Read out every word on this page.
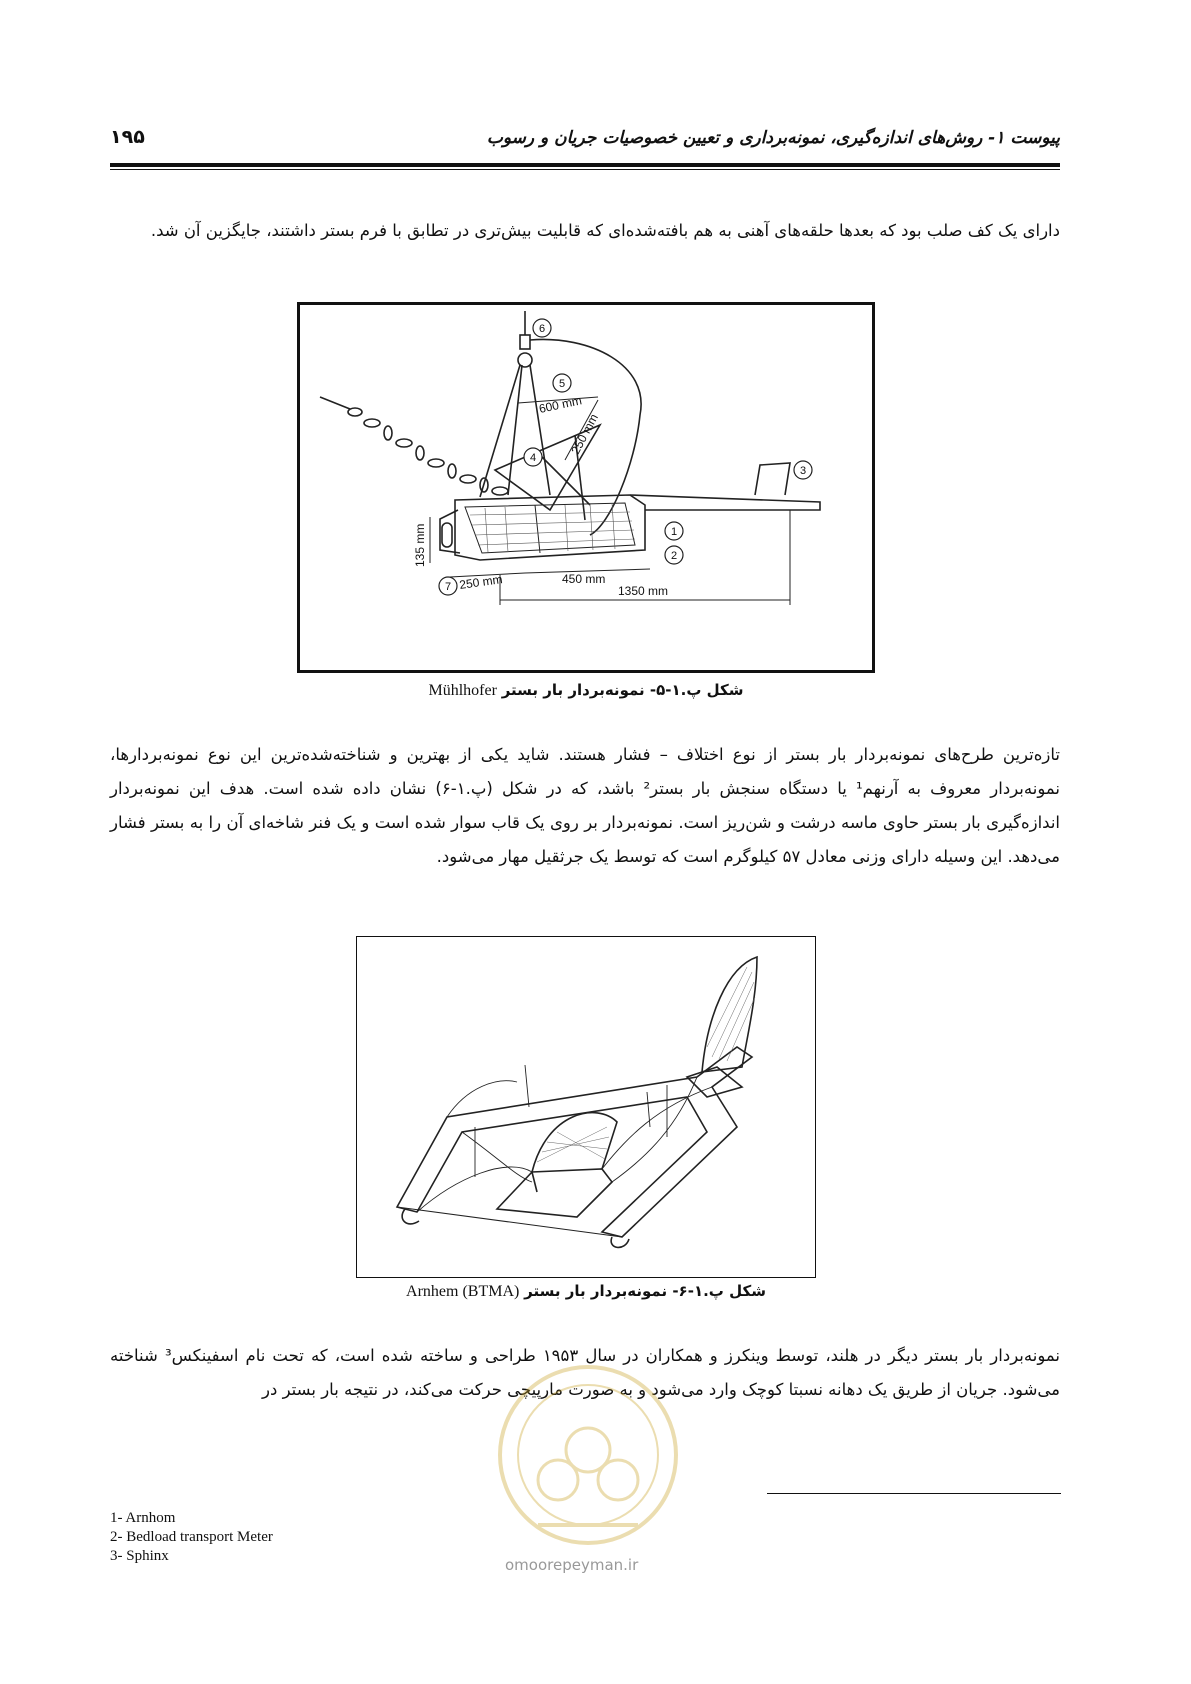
پیوست ۱- روش‌های اندازه‌گیری، نمونه‌برداری و تعیین خصوصیات جریان و رسوب
۱۹۵
دارای یک کف صلب بود که بعدها حلقه‌های آهنی به هم بافته‌شده‌ای که قابلیت بیش‌تری در تطابق با فرم بستر داشتند، جایگزین آن شد.
6
5
4
3
1
2
7
600 mm
250 mm
135 mm
250 mm	450 mm
1350 mm
شکل پ.۱-۵- نمونه‌بردار بار بستر Mühlhofer
تازه‌ترین طرح‌های نمونه‌بردار بار بستر از نوع اختلاف – فشار هستند. شاید یکی از بهترین و شناخته‌شده‌ترین این نوع نمونه‌بردارها، نمونه‌بردار معروف به آرنهم¹ یا دستگاه سنجش بار بستر² باشد، که در شکل (پ.۱-۶) نشان داده شده است. هدف این نمونه‌بردار اندازه‌گیری بار بستر حاوی ماسه درشت و شن‌ریز است. نمونه‌بردار بر روی یک قاب سوار شده است و یک فنر شاخه‌ای آن را به بستر فشار می‌دهد. این وسیله دارای وزنی معادل ۵۷ کیلوگرم است که توسط یک جرثقیل مهار می‌شود.
شکل پ.۱-۶- نمونه‌بردار بار بستر (BTMA) Arnhem
نمونه‌بردار بار بستر دیگر در هلند، توسط وینکرز و همکاران در سال ۱۹۵۳ طراحی و ساخته شده است، که تحت نام اسفینکس³ شناخته می‌شود. جریان از طریق یک دهانه نسبتا کوچک وارد می‌شود و به صورت مارپیچی حرکت می‌کند، در نتیجه بار بستر در
omoorepeyman.ir
1- Arnhom
2- Bedload transport Meter
3- Sphinx
